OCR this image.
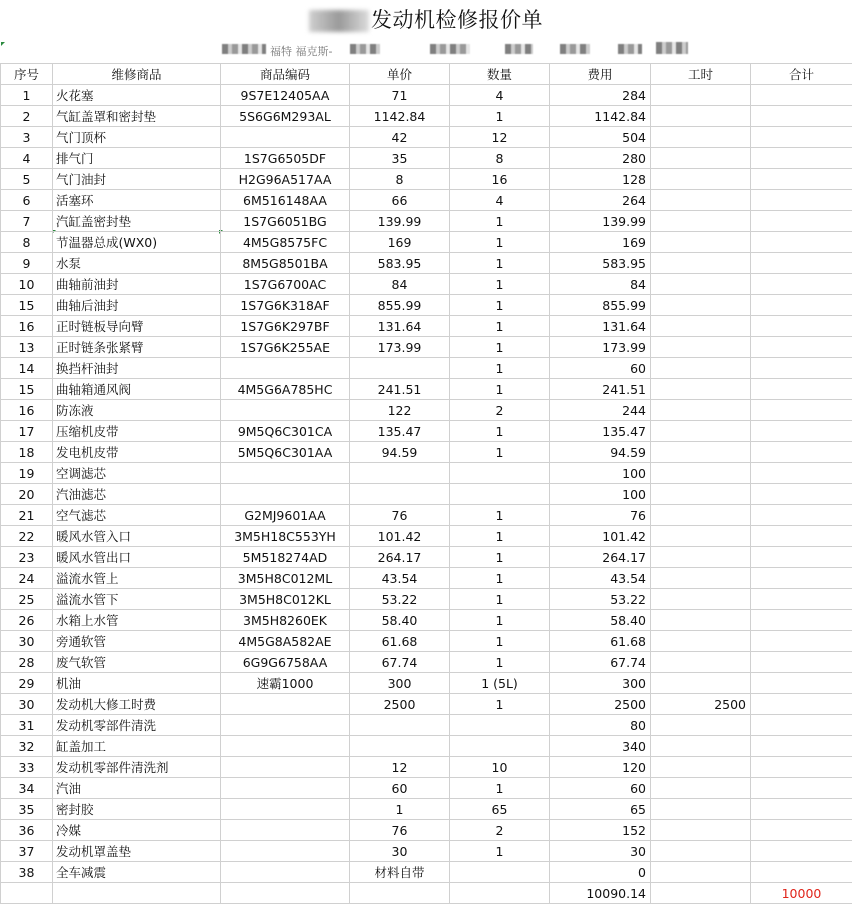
发动机检修报价单
福特 福克斯-
序号	维修商品	商品编码	单价	数量	费用	工时	合计
1	火花塞	9S7E12405AA	71	4	284		
2	气缸盖罩和密封垫	5S6G6M293AL	1142.84	1	1142.84		
3	气门顶杯		42	12	504		
4	排气门	1S7G6505DF	35	8	280		
5	气门油封	H2G96A517AA	8	16	128		
6	活塞环	6M516148AA	66	4	264		
7	汽缸盖密封垫	1S7G6051BG	139.99	1	139.99		
8	节温器总成(WX0)	4M5G8575FC	169	1	169		
9	水泵	8M5G8501BA	583.95	1	583.95		
10	曲轴前油封	1S7G6700AC	84	1	84		
15	曲轴后油封	1S7G6K318AF	855.99	1	855.99		
16	正时链板导向臂	1S7G6K297BF	131.64	1	131.64		
13	正时链条张紧臂	1S7G6K255AE	173.99	1	173.99		
14	换挡杆油封			1	60		
15	曲轴箱通风阀	4M5G6A785HC	241.51	1	241.51		
16	防冻液		122	2	244		
17	压缩机皮带	9M5Q6C301CA	135.47	1	135.47		
18	发电机皮带	5M5Q6C301AA	94.59	1	94.59		
19	空调滤芯				100		
20	汽油滤芯				100		
21	空气滤芯	G2MJ9601AA	76	1	76		
22	暖风水管入口	3M5H18C553YH	101.42	1	101.42		
23	暖风水管出口	5M518274AD	264.17	1	264.17		
24	溢流水管上	3M5H8C012ML	43.54	1	43.54		
25	溢流水管下	3M5H8C012KL	53.22	1	53.22		
26	水箱上水管	3M5H8260EK	58.40	1	58.40		
30	旁通软管	4M5G8A582AE	61.68	1	61.68		
28	废气软管	6G9G6758AA	67.74	1	67.74		
29	机油	速霸1000	300	1 (5L)	300		
30	发动机大修工时费		2500	1	2500	2500	
31	发动机零部件清洗				80		
32	缸盖加工				340		
33	发动机零部件清洗剂		12	10	120		
34	汽油		60	1	60		
35	密封胶		1	65	65		
36	冷媒		76	2	152		
37	发动机罩盖垫		30	1	30		
38	全车减震		材料自带		0		
					10090.14		10000
